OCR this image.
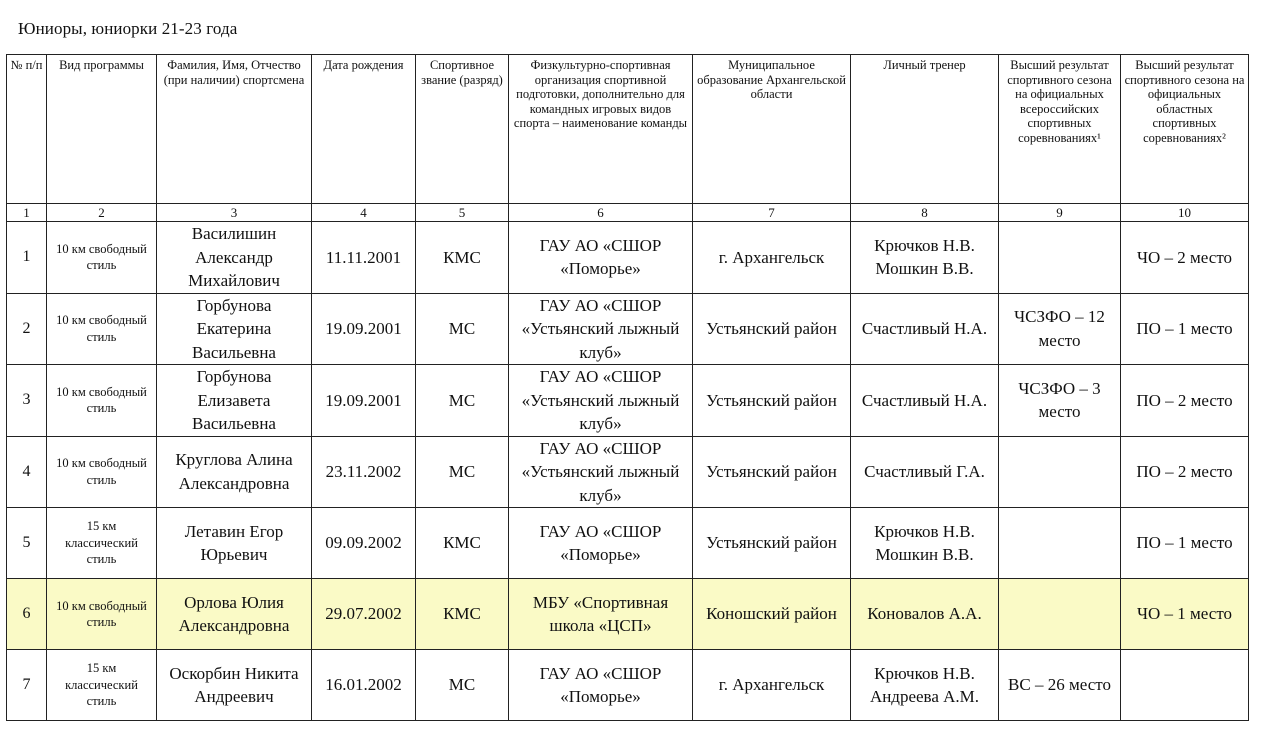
Юниоры, юниорки 21-23 года
№ п/п	Вид программы	Фамилия, Имя, Отчество (при наличии) спортсмена	Дата рождения	Спортивное звание (разряд)	Физкультурно-спортивная организация спортивной подготовки, дополнительно для командных игровых видов спорта – наименование команды	Муниципальное образование Архангельской области	Личный тренер	Высший результат спортивного сезона на официальных всероссийских спортивных соревнованиях¹	Высший результат спортивного сезона на официальных областных спортивных соревнованиях²
1	2	3	4	5	6	7	8	9	10
1	10 км свободный стиль	Василишин Александр Михайлович	11.11.2001	КМС	ГАУ АО «СШОР «Поморье»	г. Архангельск	Крючков Н.В. Мошкин В.В.		ЧО – 2 место
2	10 км свободный стиль	Горбунова Екатерина Васильевна	19.09.2001	МС	ГАУ АО «СШОР «Устьянский лыжный клуб»	Устьянский район	Счастливый Н.А.	ЧСЗФО – 12 место	ПО – 1 место
3	10 км свободный стиль	Горбунова Елизавета Васильевна	19.09.2001	МС	ГАУ АО «СШОР «Устьянский лыжный клуб»	Устьянский район	Счастливый Н.А.	ЧСЗФО – 3 место	ПО – 2 место
4	10 км свободный стиль	Круглова Алина Александровна	23.11.2002	МС	ГАУ АО «СШОР «Устьянский лыжный клуб»	Устьянский район	Счастливый Г.А.		ПО – 2 место
5	15 км классический стиль	Летавин Егор Юрьевич	09.09.2002	КМС	ГАУ АО «СШОР «Поморье»	Устьянский район	Крючков Н.В. Мошкин В.В.		ПО – 1 место
6	10 км свободный стиль	Орлова Юлия Александровна	29.07.2002	КМС	МБУ «Спортивная школа «ЦСП»	Коношский район	Коновалов А.А.		ЧО – 1 место
7	15 км классический стиль	Оскорбин Никита Андреевич	16.01.2002	МС	ГАУ АО «СШОР «Поморье»	г. Архангельск	Крючков Н.В. Андреева А.М.	ВС – 26 место	
